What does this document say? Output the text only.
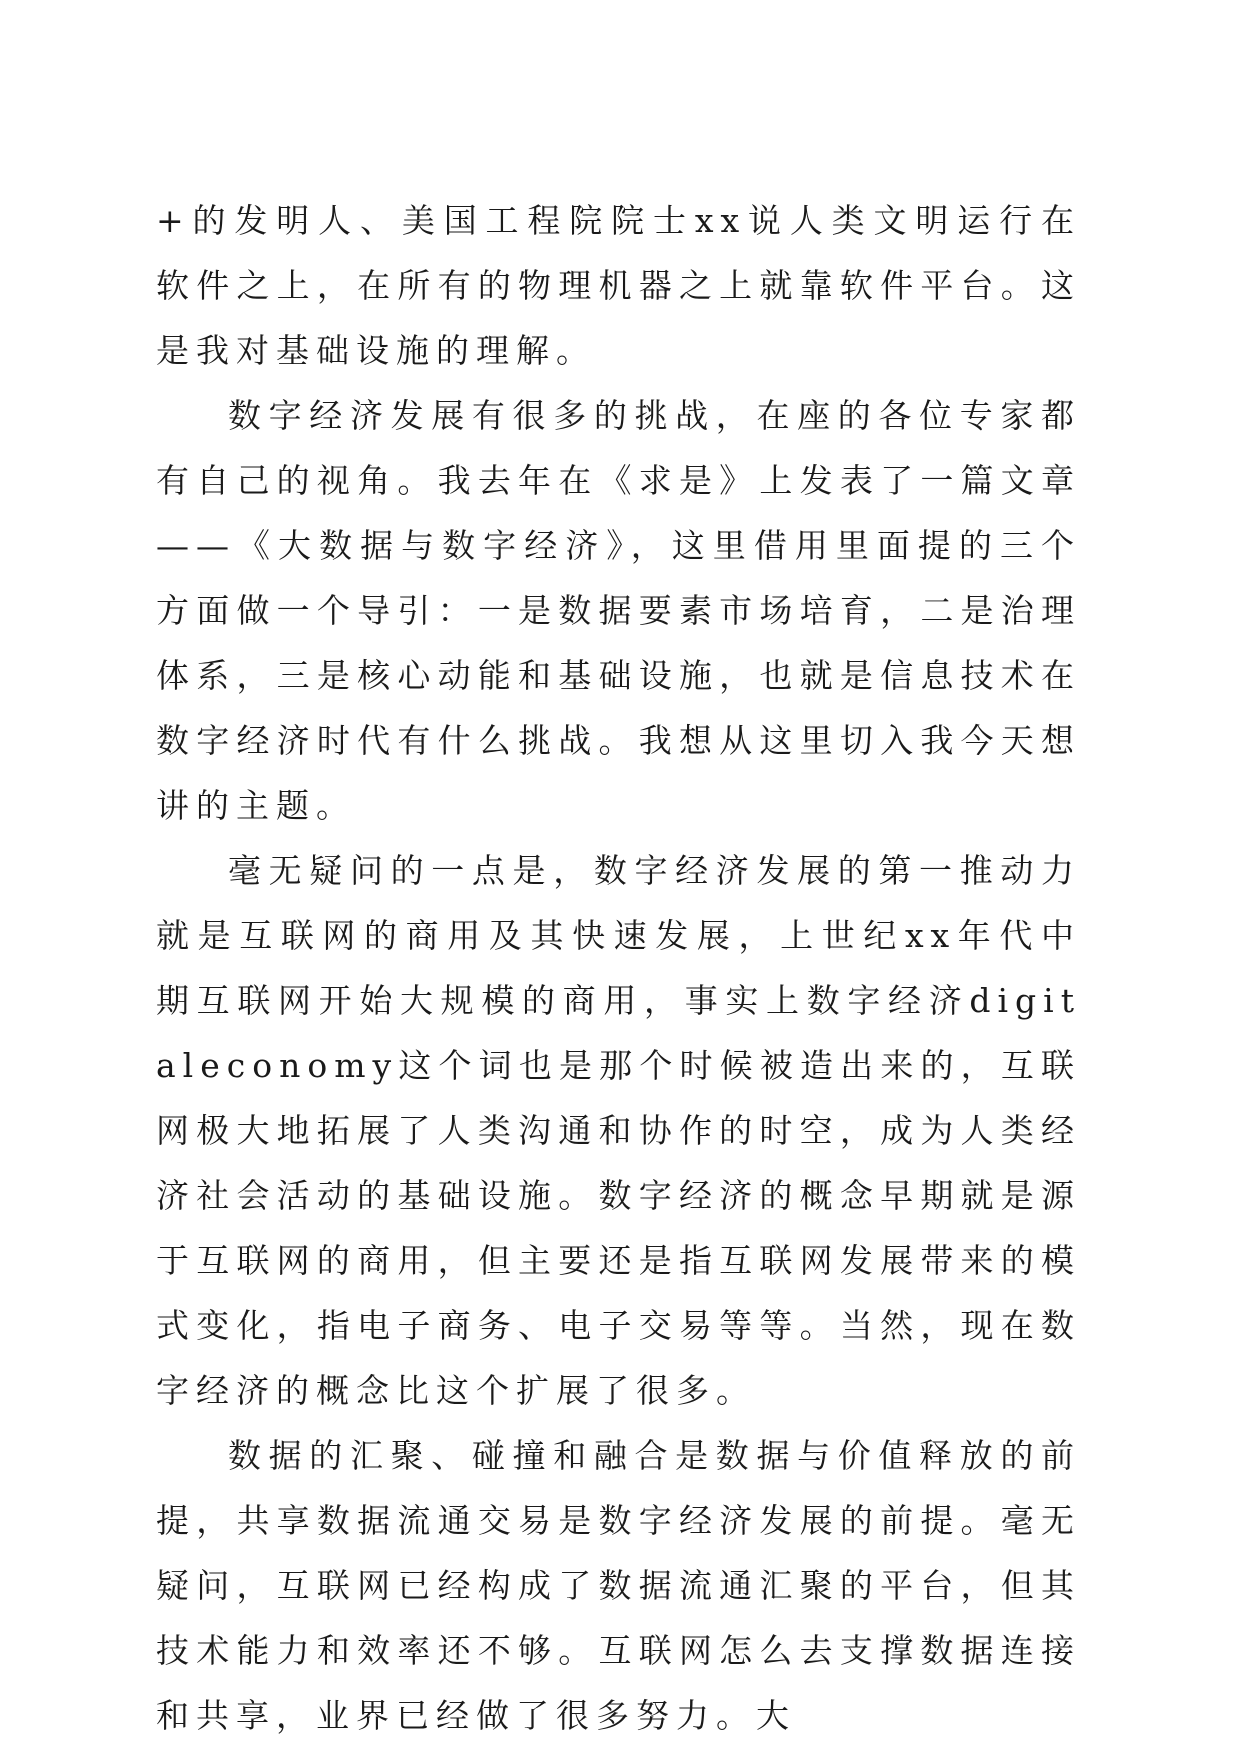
+的发明人、美国工程院院士xx说人类文明运行在软件之上，在所有的物理机器之上就靠软件平台。这是我对基础设施的理解。

数字经济发展有很多的挑战，在座的各位专家都有自己的视角。我去年在《求是》上发表了一篇文章——《大数据与数字经济》，这里借用里面提的三个方面做一个导引：一是数据要素市场培育，二是治理体系，三是核心动能和基础设施，也就是信息技术在数字经济时代有什么挑战。我想从这里切入我今天想讲的主题。

毫无疑问的一点是，数字经济发展的第一推动力就是互联网的商用及其快速发展，上世纪xx年代中期互联网开始大规模的商用，事实上数字经济digitaleconomy这个词也是那个时候被造出来的，互联网极大地拓展了人类沟通和协作的时空，成为人类经济社会活动的基础设施。数字经济的概念早期就是源于互联网的商用，但主要还是指互联网发展带来的模式变化，指电子商务、电子交易等等。当然，现在数字经济的概念比这个扩展了很多。

数据的汇聚、碰撞和融合是数据与价值释放的前提，共享数据流通交易是数字经济发展的前提。毫无疑问，互联网已经构成了数据流通汇聚的平台，但其技术能力和效率还不够。互联网怎么去支撑数据连接和共享，业界已经做了很多努力。大
